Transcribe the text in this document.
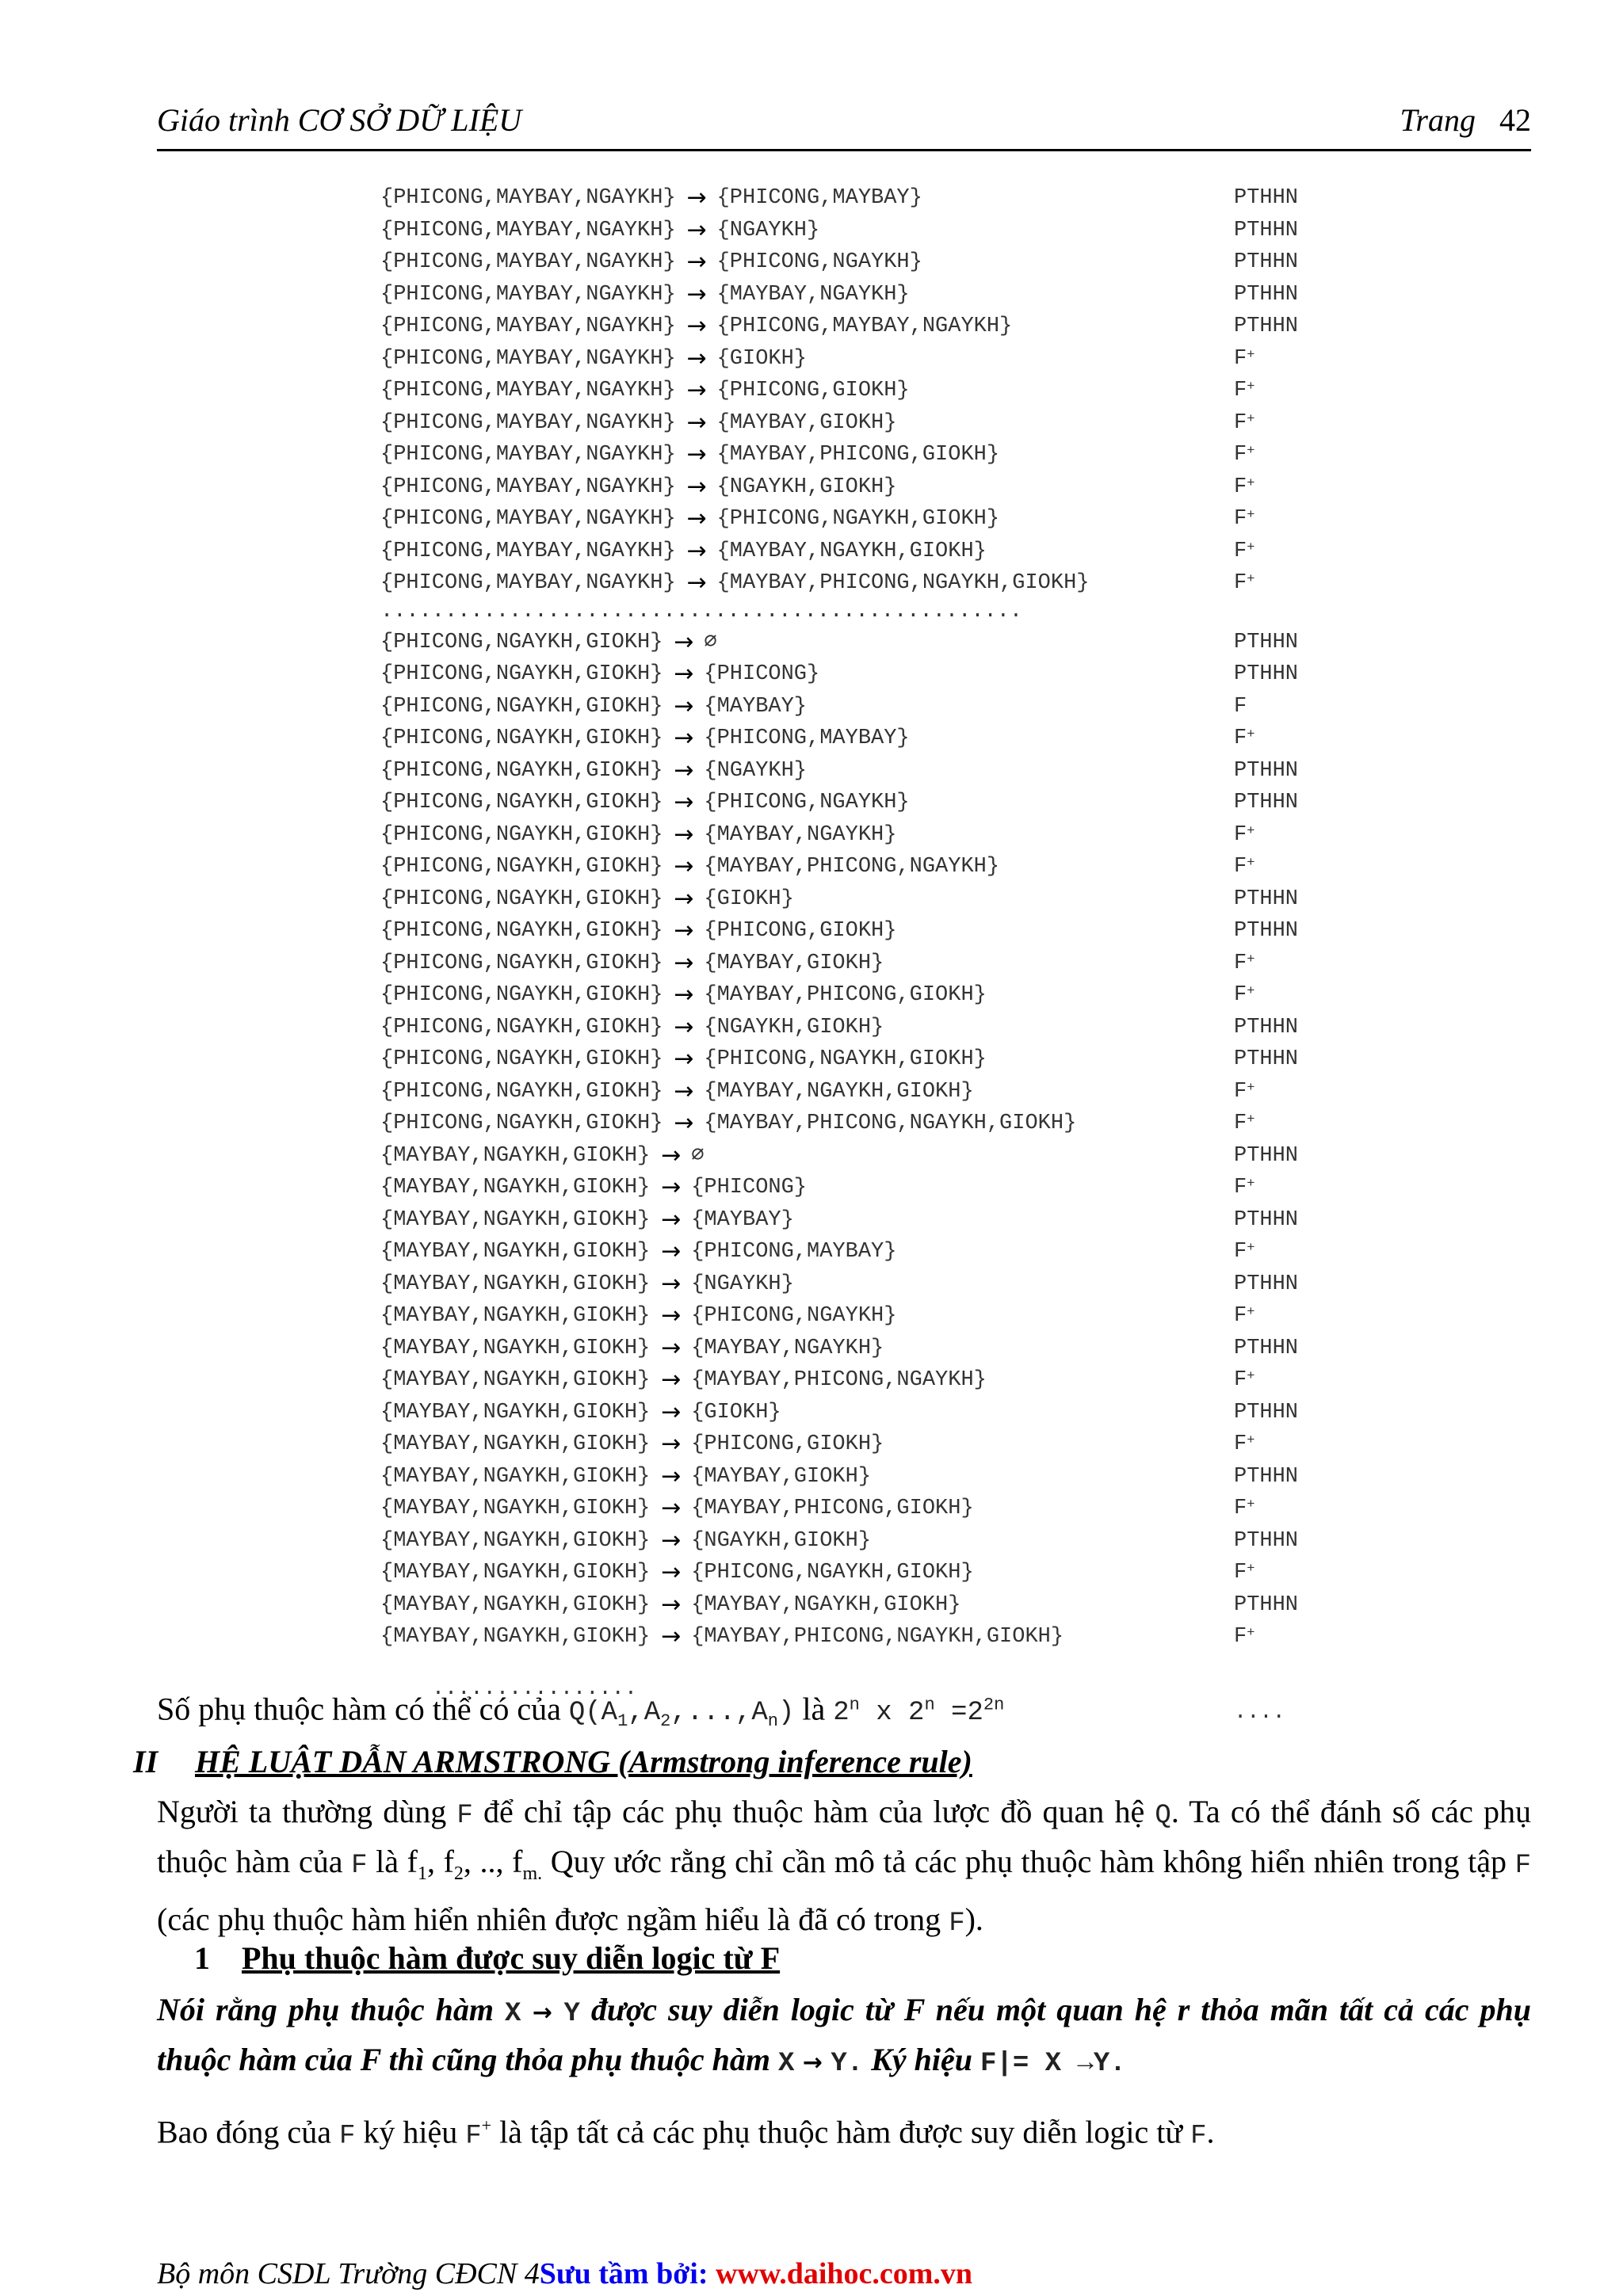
Giáo trình CƠ SỞ DỮ LIỆU	Trang 42
{PHICONG,MAYBAY,NGAYKH} → {PHICONG,MAYBAY}	PTHHN
{PHICONG,MAYBAY,NGAYKH} → {NGAYKH}	PTHHN
{PHICONG,MAYBAY,NGAYKH} → {PHICONG,NGAYKH}	PTHHN
{PHICONG,MAYBAY,NGAYKH} → {MAYBAY,NGAYKH}	PTHHN
{PHICONG,MAYBAY,NGAYKH} → {PHICONG,MAYBAY,NGAYKH}	PTHHN
{PHICONG,MAYBAY,NGAYKH} → {GIOKH}	F+
{PHICONG,MAYBAY,NGAYKH} → {PHICONG,GIOKH}	F+
{PHICONG,MAYBAY,NGAYKH} → {MAYBAY,GIOKH}	F+
{PHICONG,MAYBAY,NGAYKH} → {MAYBAY,PHICONG,GIOKH}	F+
{PHICONG,MAYBAY,NGAYKH} → {NGAYKH,GIOKH}	F+
{PHICONG,MAYBAY,NGAYKH} → {PHICONG,NGAYKH,GIOKH}	F+
{PHICONG,MAYBAY,NGAYKH} → {MAYBAY,NGAYKH,GIOKH}	F+
{PHICONG,MAYBAY,NGAYKH} → {MAYBAY,PHICONG,NGAYKH,GIOKH}	F+
..................................................
{PHICONG,NGAYKH,GIOKH} → ∅	PTHHN
{PHICONG,NGAYKH,GIOKH} → {PHICONG}	PTHHN
{PHICONG,NGAYKH,GIOKH} → {MAYBAY}	F
{PHICONG,NGAYKH,GIOKH} → {PHICONG,MAYBAY}	F+
{PHICONG,NGAYKH,GIOKH} → {NGAYKH}	PTHHN
{PHICONG,NGAYKH,GIOKH} → {PHICONG,NGAYKH}	PTHHN
{PHICONG,NGAYKH,GIOKH} → {MAYBAY,NGAYKH}	F+
{PHICONG,NGAYKH,GIOKH} → {MAYBAY,PHICONG,NGAYKH}	F+
{PHICONG,NGAYKH,GIOKH} → {GIOKH}	PTHHN
{PHICONG,NGAYKH,GIOKH} → {PHICONG,GIOKH}	PTHHN
{PHICONG,NGAYKH,GIOKH} → {MAYBAY,GIOKH}	F+
{PHICONG,NGAYKH,GIOKH} → {MAYBAY,PHICONG,GIOKH}	F+
{PHICONG,NGAYKH,GIOKH} → {NGAYKH,GIOKH}	PTHHN
{PHICONG,NGAYKH,GIOKH} → {PHICONG,NGAYKH,GIOKH}	PTHHN
{PHICONG,NGAYKH,GIOKH} → {MAYBAY,NGAYKH,GIOKH}	F+
{PHICONG,NGAYKH,GIOKH} → {MAYBAY,PHICONG,NGAYKH,GIOKH}	F+
{MAYBAY,NGAYKH,GIOKH} → ∅	PTHHN
{MAYBAY,NGAYKH,GIOKH} → {PHICONG}	F+
{MAYBAY,NGAYKH,GIOKH} → {MAYBAY}	PTHHN
{MAYBAY,NGAYKH,GIOKH} → {PHICONG,MAYBAY}	F+
{MAYBAY,NGAYKH,GIOKH} → {NGAYKH}	PTHHN
{MAYBAY,NGAYKH,GIOKH} → {PHICONG,NGAYKH}	F+
{MAYBAY,NGAYKH,GIOKH} → {MAYBAY,NGAYKH}	PTHHN
{MAYBAY,NGAYKH,GIOKH} → {MAYBAY,PHICONG,NGAYKH}	F+
{MAYBAY,NGAYKH,GIOKH} → {GIOKH}	PTHHN
{MAYBAY,NGAYKH,GIOKH} → {PHICONG,GIOKH}	F+
{MAYBAY,NGAYKH,GIOKH} → {MAYBAY,GIOKH}	PTHHN
{MAYBAY,NGAYKH,GIOKH} → {MAYBAY,PHICONG,GIOKH}	F+
{MAYBAY,NGAYKH,GIOKH} → {NGAYKH,GIOKH}	PTHHN
{MAYBAY,NGAYKH,GIOKH} → {PHICONG,NGAYKH,GIOKH}	F+
{MAYBAY,NGAYKH,GIOKH} → {MAYBAY,NGAYKH,GIOKH}	PTHHN
{MAYBAY,NGAYKH,GIOKH} → {MAYBAY,PHICONG,NGAYKH,GIOKH}	F+

................

....

Số phụ thuộc hàm có thể có của $Q(A_1,A_2,...,A_n)$ là 2$^n$ x $2^n =2^{2n}$
II HỆ LUẬT DẪN ARMSTRONG (Armstrong inference rule)
Người ta thường dùng F để chỉ tập các phụ thuộc hàm của lược đồ quan hệ Q. Ta có thể đánh số các phụ thuộc hàm của F là $f_1$, $f_2$, .., $f_{m.}$ Quy ước rằng chỉ cần mô tả các phụ thuộc hàm không hiển nhiên trong tập F (các phụ thuộc hàm hiển nhiên được ngầm hiểu là đã có trong F).
1 Phụ thuộc hàm được suy diễn logic từ F
Nói rằng phụ thuộc hàm X → Y được suy diễn logic từ F nếu một quan hệ r thỏa mãn tất cả các phụ thuộc hàm của F thì cũng thỏa phụ thuộc hàm X → Y. Ký hiệu F|= X →Y.
Bao đóng của F ký hiệu F+ là tập tất cả các phụ thuộc hàm được suy diễn logic từ F.
Bộ môn CSDL Trường CĐCN 4Sưu tầm bởi: www.daihoc.com.vn
